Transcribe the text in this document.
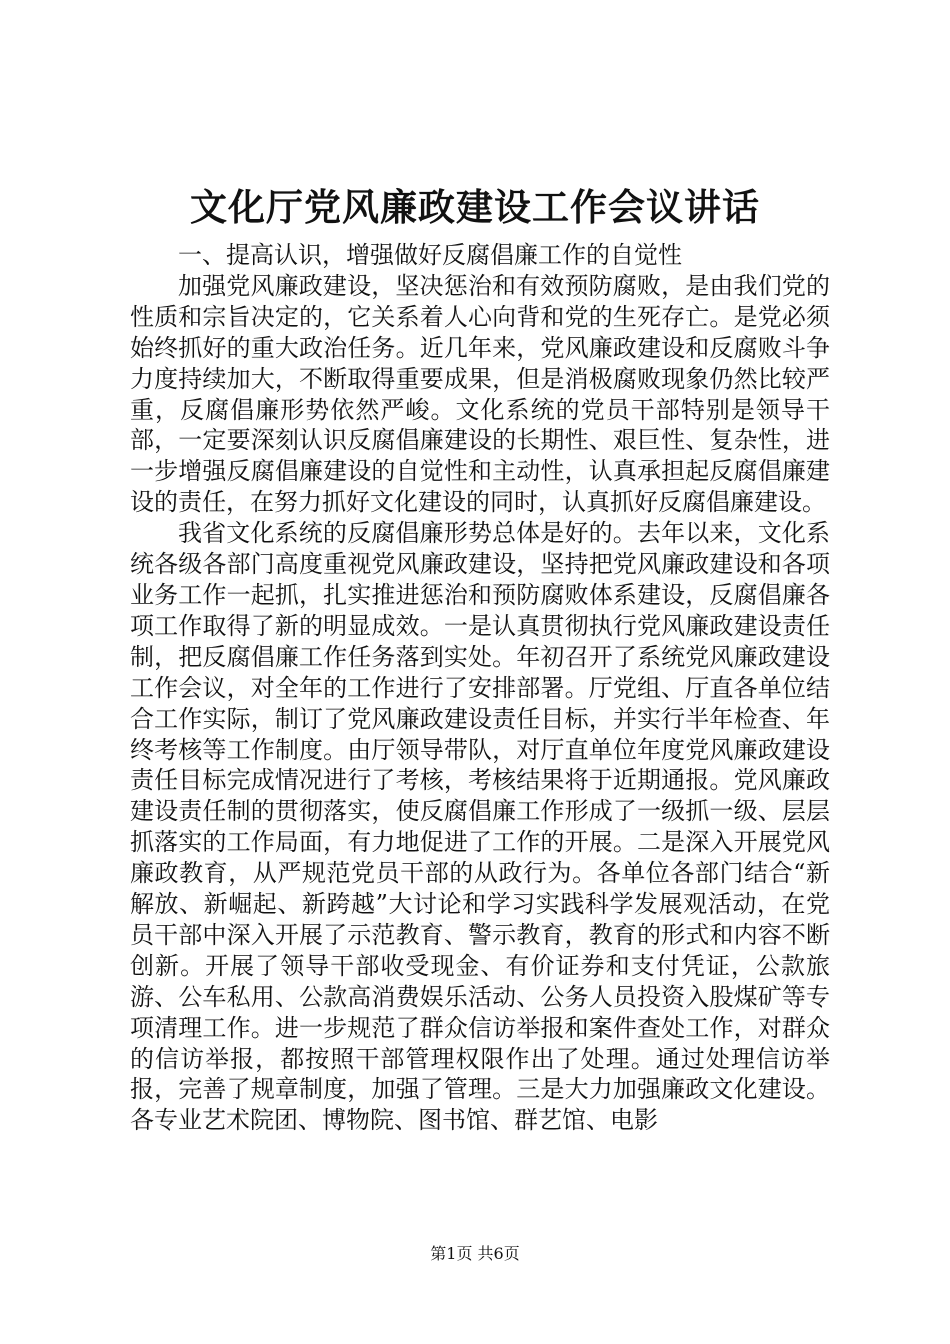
文化厅党风廉政建设工作会议讲话
一、提高认识，增强做好反腐倡廉工作的自觉性

加强党风廉政建设，坚决惩治和有效预防腐败，是由我们党的性质和宗旨决定的，它关系着人心向背和党的生死存亡。是党必须始终抓好的重大政治任务。近几年来，党风廉政建设和反腐败斗争力度持续加大，不断取得重要成果，但是消极腐败现象仍然比较严重，反腐倡廉形势依然严峻。文化系统的党员干部特别是领导干部，一定要深刻认识反腐倡廉建设的长期性、艰巨性、复杂性，进一步增强反腐倡廉建设的自觉性和主动性，认真承担起反腐倡廉建设的责任，在努力抓好文化建设的同时，认真抓好反腐倡廉建设。

我省文化系统的反腐倡廉形势总体是好的。去年以来，文化系统各级各部门高度重视党风廉政建设，坚持把党风廉政建设和各项业务工作一起抓，扎实推进惩治和预防腐败体系建设，反腐倡廉各项工作取得了新的明显成效。一是认真贯彻执行党风廉政建设责任制，把反腐倡廉工作任务落到实处。年初召开了系统党风廉政建设工作会议，对全年的工作进行了安排部署。厅党组、厅直各单位结合工作实际，制订了党风廉政建设责任目标，并实行半年检查、年终考核等工作制度。由厅领导带队，对厅直单位年度党风廉政建设责任目标完成情况进行了考核，考核结果将于近期通报。党风廉政建设责任制的贯彻落实，使反腐倡廉工作形成了一级抓一级、层层抓落实的工作局面，有力地促进了工作的开展。二是深入开展党风廉政教育，从严规范党员干部的从政行为。各单位各部门结合“新解放、新崛起、新跨越”大讨论和学习实践科学发展观活动，在党员干部中深入开展了示范教育、警示教育，教育的形式和内容不断创新。开展了领导干部收受现金、有价证券和支付凭证，公款旅游、公车私用、公款高消费娱乐活动、公务人员投资入股煤矿等专项清理工作。进一步规范了群众信访举报和案件查处工作，对群众的信访举报，都按照干部管理权限作出了处理。通过处理信访举报，完善了规章制度，加强了管理。三是大力加强廉政文化建设。各专业艺术院团、博物院、图书馆、群艺馆、电影

第1页 共6页
